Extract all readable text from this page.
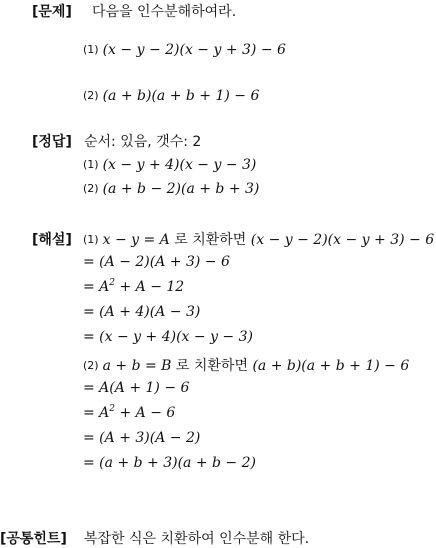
[문제] 다음을 인수분해하여라.
(1) (x − y − 2)(x − y + 3) − 6
(2) (a + b)(a + b + 1) − 6
[정답] 순서: 있음, 갯수: 2
(1) (x − y + 4)(x − y − 3)
(2) (a + b − 2)(a + b + 3)
[해설] (1) x − y = A 로 치환하면 (x − y − 2)(x − y + 3) − 6
= (A − 2)(A + 3) − 6
= $A^2 + A - 12$
= (A + 4)(A − 3)
= (x − y + 4)(x − y − 3)
(2) a + b = B 로 치환하면 (a + b)(a + b + 1) − 6
= A(A + 1) − 6
= $A^2 + A - 6$
= (A + 3)(A − 2)
= (a + b + 3)(a + b − 2)
[공통힌트] 복잡한 식은 치환하여 인수분해 한다.
